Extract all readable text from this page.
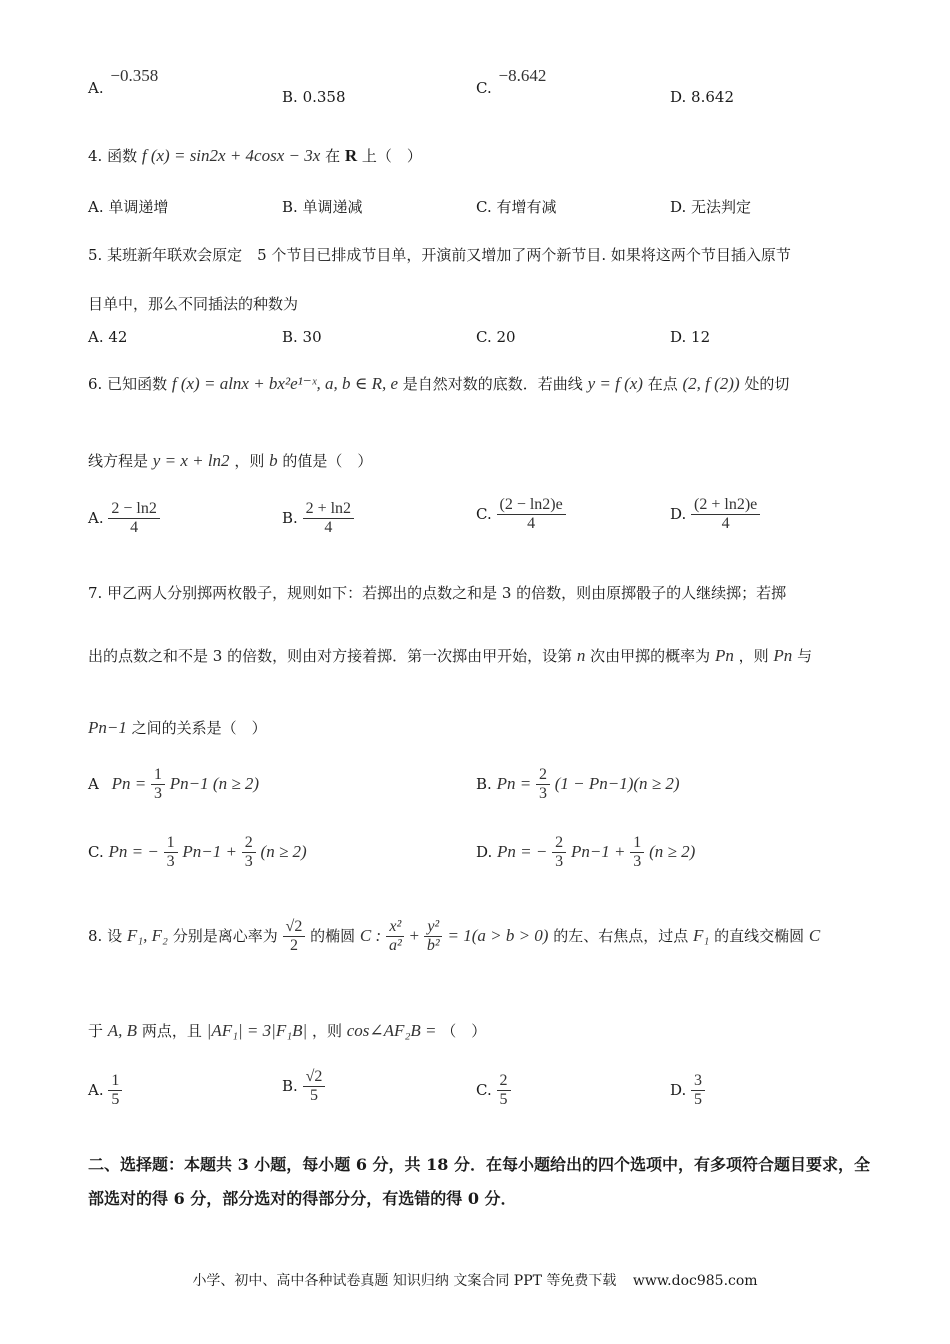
A. −0.358
B. 0.358	C. −8.642
D. 8.642
4. 函数 f (x) = sin2x + 4cosx − 3x 在 R 上（　）
A. 单调递增	B. 单调递减	C. 有增有减	D. 无法判定
5. 某班新年联欢会原定　5 个节目已排成节目单，开演前又增加了两个新节目. 如果将这两个节目插入原节
目单中，那么不同插法的种数为
A. 42	B. 30	C. 20	D. 12
6. 已知函数 f (x) = alnx + bx²e¹⁻ˣ, a, b ∈ R, e 是自然对数的底数．若曲线 y = f (x) 在点 (2, f (2)) 处的切
线方程是 y = x + ln2 ，则 b 的值是（　）
A. $\frac{2 - \ln 2}{4}$	B. $\frac{2 + \ln 2}{4}$	C. $\frac{(2 - \ln 2)e}{4}$	D. $\frac{(2 + \ln 2)e}{4}$
7. 甲乙两人分别掷两枚骰子，规则如下：若掷出的点数之和是 3 的倍数，则由原掷骰子的人继续掷；若掷
出的点数之和不是 3 的倍数，则由对方接着掷．第一次掷由甲开始，设第 n 次由甲掷的概率为 Pn ，则 Pn 与
Pn−1 之间的关系是（　）
A $Pn = \frac{1}{3} Pn-1$ (n ≥ 2)	B. $Pn = \frac{2}{3} (1 - Pn-1)(n \ge 2)$
C. Pn = − $\frac{1}{3} Pn-1 + \frac{2}{3} (n \ge 2)$	D. Pn = − $\frac{2}{3} Pn-1 + \frac{1}{3} (n \ge 2)$
8. 设 F₁, F₂ 分别是离心率为 $\frac{√2}{2}$ 的椭圆 C : $\frac{\text{x²}}{\text{a²}} + \frac{\text{y²}}{\text{b²}} = 1(a > b > 0)$ 的左、右焦点，过点 F₁ 的直线交椭圆 C
于 A, B 两点，且 |AF₁| = 3|F₁B| ，则 cos∠AF₂B = （　）
A. $\frac{1}{5}$	B. $\frac{√2}{5}$	C. $\frac{2}{5}$	D. $\frac{3}{5}$
二、选择题：本题共 3 小题，每小题 6 分，共 18 分．在每小题给出的四个选项中，有多项符合题目要求，全部选对的得 6 分，部分选对的得部分分，有选错的得 0 分．
小学、初中、高中各种试卷真题 知识归纳 文案合同 PPT 等免费下载 www.doc985.com
